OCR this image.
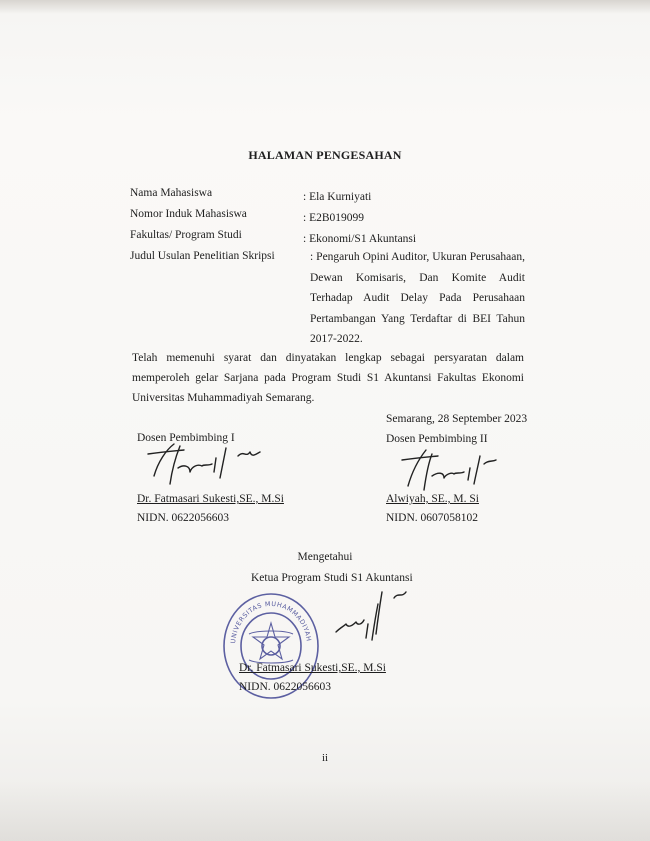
HALAMAN PENGESAHAN
Nama Mahasiswa	: Ela Kurniyati
Nomor Induk Mahasiswa	: E2B019099
Fakultas/ Program Studi	: Ekonomi/S1 Akuntansi
Judul Usulan Penelitian Skripsi	: Pengaruh Opini Auditor, Ukuran Perusahaan,
Dewan Komisaris, Dan Komite Audit
Terhadap Audit Delay Pada Perusahaan
Pertambangan Yang Terdaftar di BEI Tahun
2017-2022.
Telah memenuhi syarat dan dinyatakan lengkap sebagai persyaratan dalam
memperoleh gelar Sarjana pada Program Studi S1 Akuntansi Fakultas Ekonomi
Universitas Muhammadiyah Semarang.
Semarang, 28 September 2023
Dosen Pembimbing I
Dr. Fatmasari Sukesti,SE., M.Si
NIDN. 0622056603
Dosen Pembimbing II
Alwiyah, SE., M. Si
NIDN. 0607058102
Mengetahui
Ketua Program Studi S1 Akuntansi
UNIVERSITAS MUHAMMADIYAH SEMARANG
Dr. Fatmasari Sukesti,SE., M.Si
NIDN. 0622056603
ii
